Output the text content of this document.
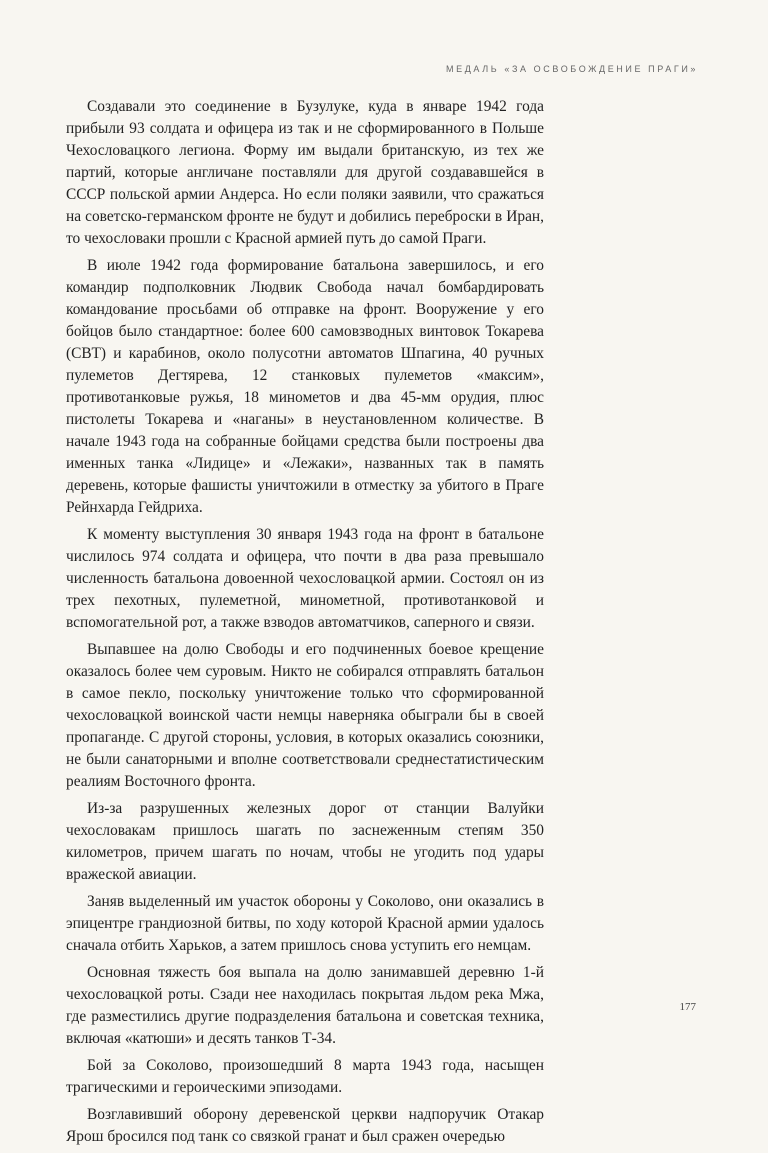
МЕДАЛЬ «ЗА ОСВОБОЖДЕНИЕ ПРАГИ»

Создавали это соединение в Бузулуке, куда в январе 1942 года прибыли 93 солдата и офицера из так и не сформированного в Польше Чехословацкого легиона. Форму им выдали британскую, из тех же партий, которые англичане поставляли для другой создававшейся в СССР польской армии Андерса. Но если поляки заявили, что сражаться на советско-германском фронте не будут и добились переброски в Иран, то чехословаки прошли с Красной армией путь до самой Праги.

В июле 1942 года формирование батальона завершилось, и его командир подполковник Людвик Свобода начал бомбардировать командование просьбами об отправке на фронт. Вооружение у его бойцов было стандартное: более 600 самовзводных винтовок Токарева (СВТ) и карабинов, около полусотни автоматов Шпагина, 40 ручных пулеметов Дегтярева, 12 станковых пулеметов «максим», противотанковые ружья, 18 минометов и два 45-мм орудия, плюс пистолеты Токарева и «наганы» в неустановленном количестве. В начале 1943 года на собранные бойцами средства были построены два именных танка «Лидице» и «Лежаки», названных так в память деревень, которые фашисты уничтожили в отместку за убитого в Праге Рейнхарда Гейдриха.

К моменту выступления 30 января 1943 года на фронт в батальоне числилось 974 солдата и офицера, что почти в два раза превышало численность батальона довоенной чехословацкой армии. Состоял он из трех пехотных, пулеметной, минометной, противотанковой и вспомогательной рот, а также взводов автоматчиков, саперного и связи.

Выпавшее на долю Свободы и его подчиненных боевое крещение оказалось более чем суровым. Никто не собирался отправлять батальон в самое пекло, поскольку уничтожение только что сформированной чехословацкой воинской части немцы наверняка обыграли бы в своей пропаганде. С другой стороны, условия, в которых оказались союзники, не были санаторными и вполне соответствовали среднестатистическим реалиям Восточного фронта.

Из-за разрушенных железных дорог от станции Валуйки чехословакам пришлось шагать по заснеженным степям 350 километров, причем шагать по ночам, чтобы не угодить под удары вражеской авиации.

Заняв выделенный им участок обороны у Соколово, они оказались в эпицентре грандиозной битвы, по ходу которой Красной армии удалось сначала отбить Харьков, а затем пришлось снова уступить его немцам.

Основная тяжесть боя выпала на долю занимавшей деревню 1-й чехословацкой роты. Сзади нее находилась покрытая льдом река Мжа, где разместились другие подразделения батальона и советская техника, включая «катюши» и десять танков Т-34.

Бой за Соколово, произошедший 8 марта 1943 года, насыщен трагическими и героическими эпизодами.

Возглавивший оборону деревенской церкви надпоручик Отакар Ярош бросился под танк со связкой гранат и был сражен очередью

177
